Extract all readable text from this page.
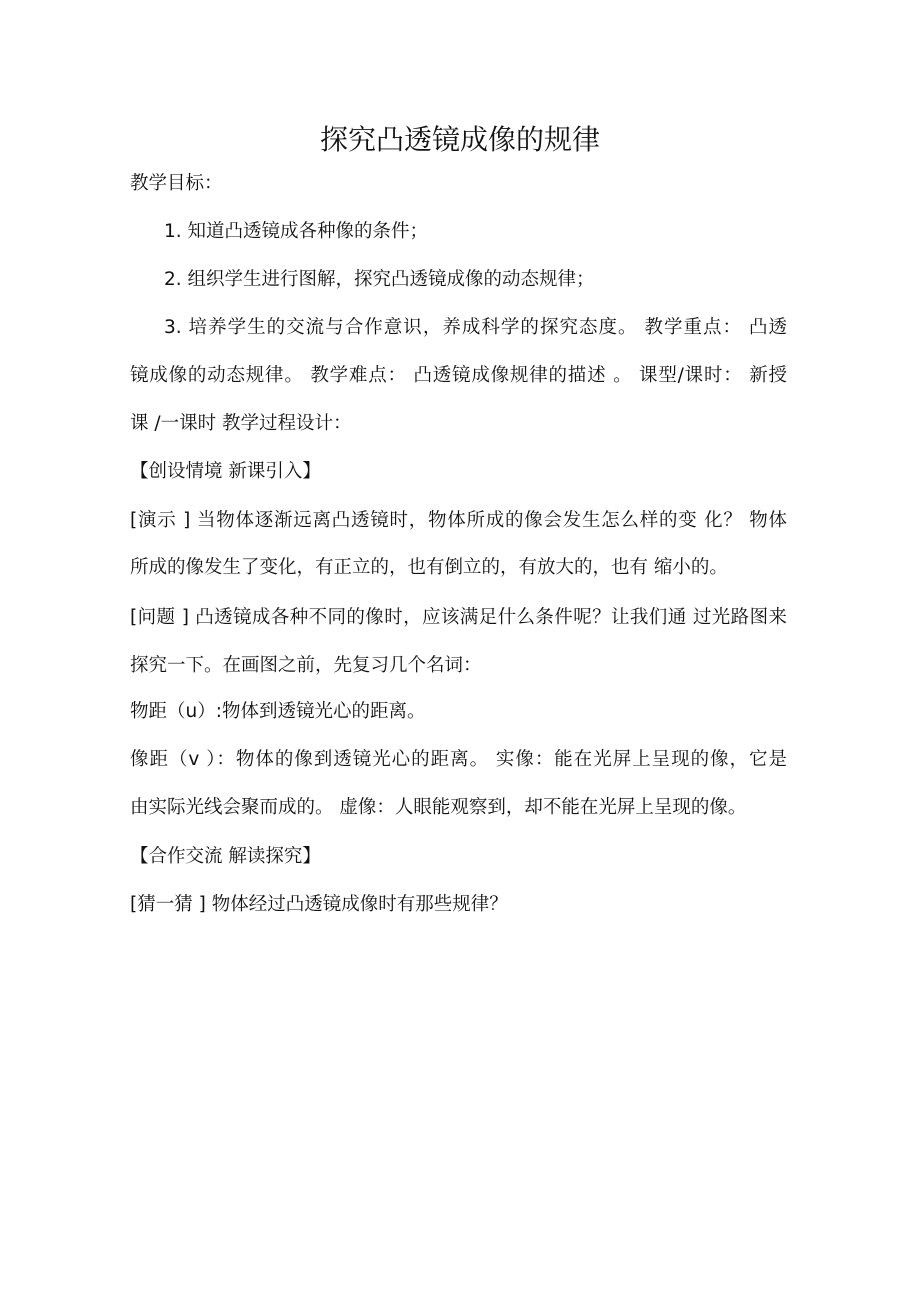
探究凸透镜成像的规律
教学目标：
1. 知道凸透镜成各种像的条件；
2. 组织学生进行图解，探究凸透镜成像的动态规律；
3. 培养学生的交流与合作意识，养成科学的探究态度。 教学重点： 凸透
镜成像的动态规律。 教学难点： 凸透镜成像规律的描述 。 课型/课时： 新授
课 /一课时 教学过程设计：
【创设情境 新课引入】
[演示 ] 当物体逐渐远离凸透镜时，物体所成的像会发生怎么样的变 化？ 物体
所成的像发生了变化，有正立的，也有倒立的，有放大的，也有 缩小的。
[问题 ] 凸透镜成各种不同的像时，应该满足什么条件呢？让我们通 过光路图来
探究一下。在画图之前，先复习几个名词：
物距（u）:物体到透镜光心的距离。
像距（v ）：物体的像到透镜光心的距离。 实像：能在光屏上呈现的像，它是
由实际光线会聚而成的。 虚像：人眼能观察到，却不能在光屏上呈现的像。
【合作交流 解读探究】
[猜一猜 ] 物体经过凸透镜成像时有那些规律？
